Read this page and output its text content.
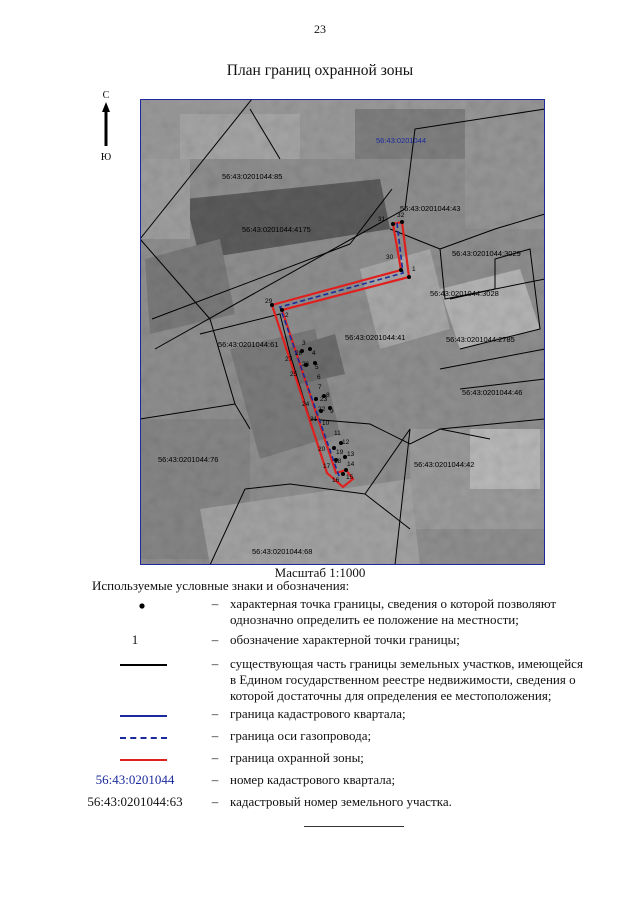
23
План границ охранной зоны
С
Ю
56:43:0201044
56:43:0201044:85
56:43:0201044:43
56:43:0201044:4175
56:43:0201044:3029
56:43:0201044:3028
56:43:0201044:61
56:43:0201044:41	56:43:0201044:2785
56:43:0201044:46
56:43:0201044:76
56:43:0201044:42
56:43:0201044:68
1
2
3
4
5
6
7
8
9
10
11
12
13
14
15
16
17
18
19
20
21
22
23
24
25
26
27
28
29
30
31
32
Масштаб 1:1000
Используемые условные знаки и обозначения:
– характерная точка границы, сведения о которой позволяют однозначно определить ее положение на местности;
1	– обозначение характерной точки границы;
– существующая часть границы земельных участков, имеющейся в Едином государственном реестре недвижимости, сведения о которой достаточны для определения ее местоположения;
– граница кадастрового квартала;
– граница оси газопровода;
– граница охранной зоны;
56:43:0201044	– номер кадастрового квартала;
56:43:0201044:63	– кадастровый номер земельного участка.
